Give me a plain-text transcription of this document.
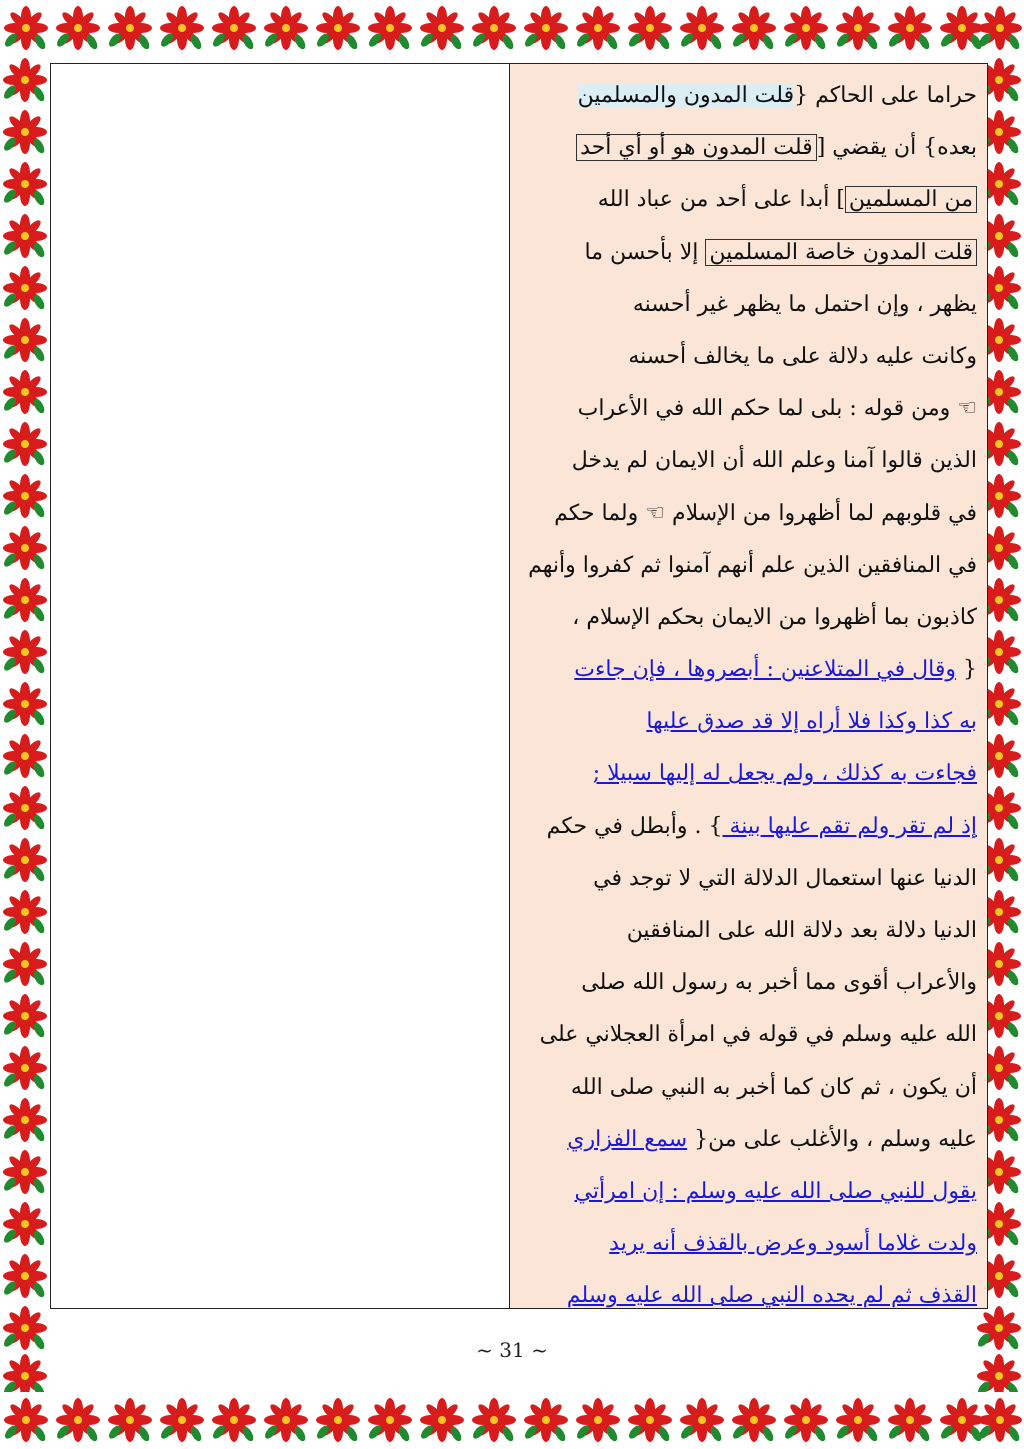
حراما على الحاكم {قلت المدون والمسلمين
بعده} أن يقضي [قلت المدون هو أو أي أحد
من المسلمين] أبدا على أحد من عباد الله
قلت المدون خاصة المسلمين إلا بأحسن ما
يظهر ، وإن احتمل ما يظهر غير أحسنه
وكانت عليه دلالة على ما يخالف أحسنه
☜ ومن قوله : بلى لما حكم الله في الأعراب
الذين قالوا آمنا وعلم الله أن الايمان لم يدخل
في قلوبهم لما أظهروا من الإسلام ☜ ولما حكم
في المنافقين الذين علم أنهم آمنوا ثم كفروا وأنهم
كاذبون بما أظهروا من الايمان بحكم الإسلام ،
{ وقال في المتلاعنين : أبصروها ، فإن جاءت
به كذا وكذا فلا أراه إلا قد صدق عليها
فجاءت به كذلك ، ولم يجعل له إليها سبيلا ;
إذ لم تقر ولم تقم عليها بينة } . وأبطل في حكم
الدنيا عنها استعمال الدلالة التي لا توجد في
الدنيا دلالة بعد دلالة الله على المنافقين
والأعراب أقوى مما أخبر به رسول الله صلى
الله عليه وسلم في قوله في امرأة العجلاني على
أن يكون ، ثم كان كما أخبر به النبي صلى الله
عليه وسلم ، والأغلب على من{ سمع الفزاري
يقول للنبي صلى الله عليه وسلم : إن امرأتي
ولدت غلاما أسود وعرض بالقذف أنه يريد
القذف ثم لم يحده النبي صلى الله عليه وسلم
~ 31 ~
